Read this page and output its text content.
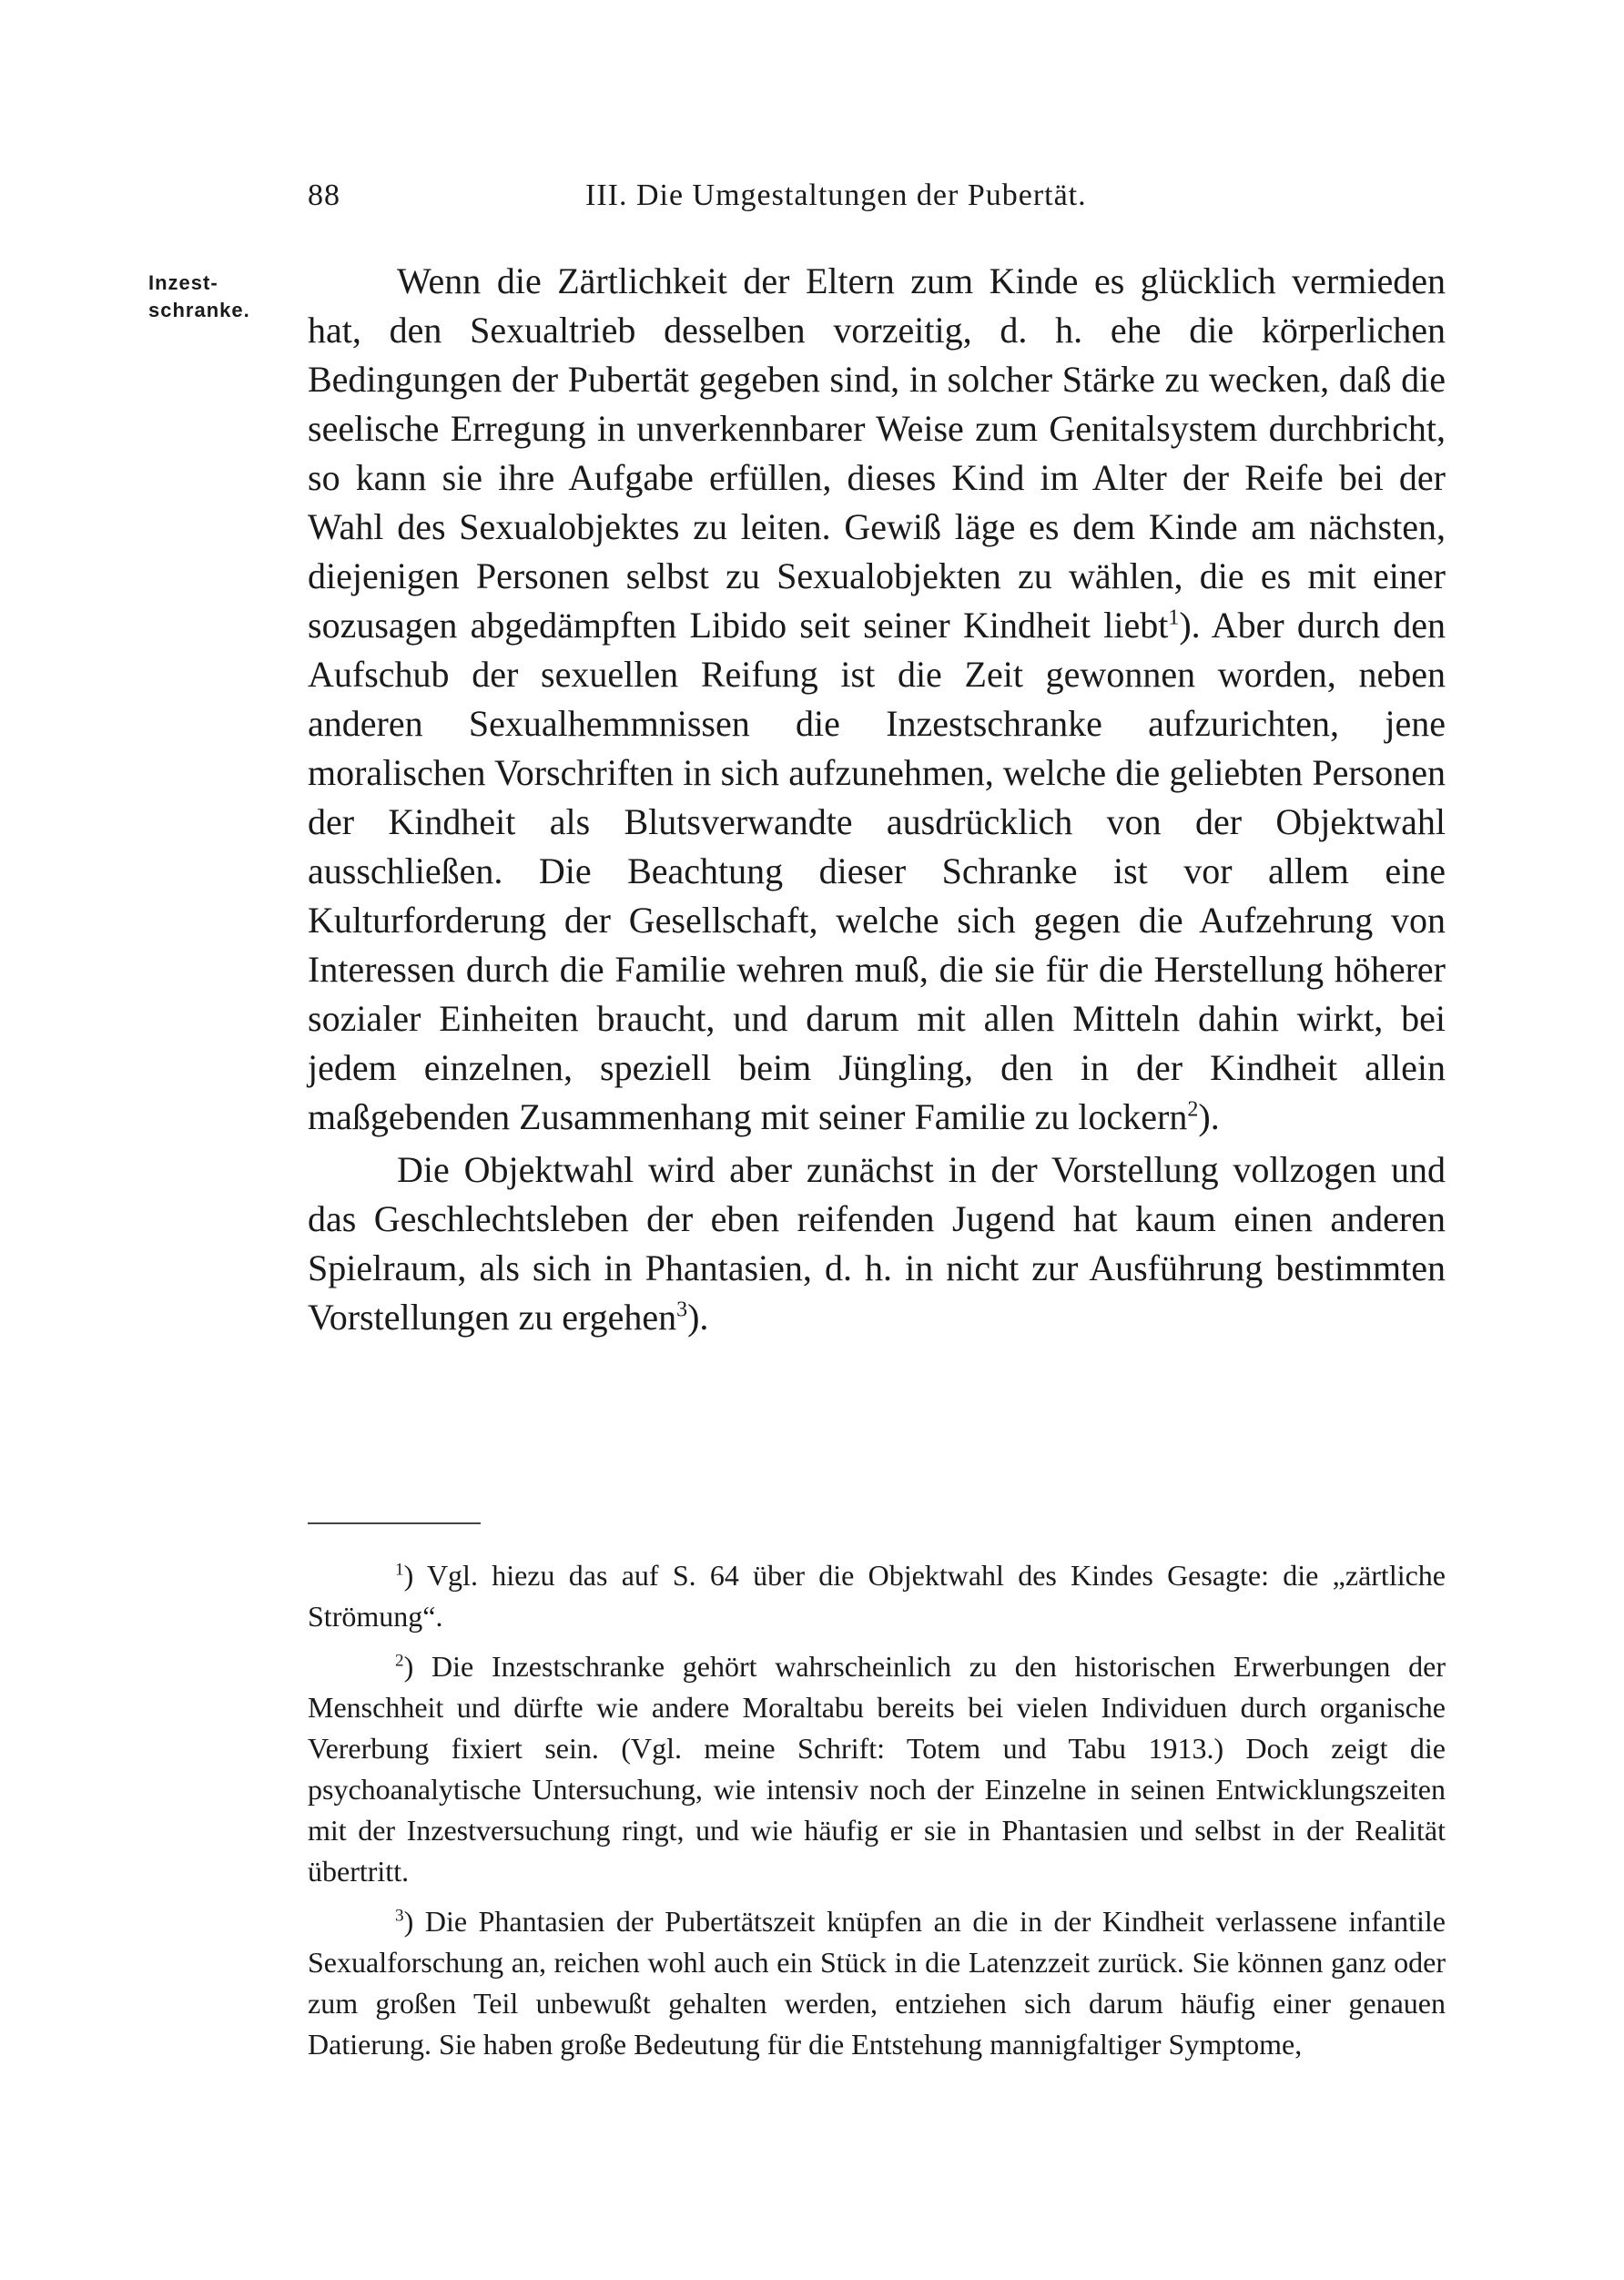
88	III. Die Umgestaltungen der Pubertät.
Inzest-
schranke.

Wenn die Zärtlichkeit der Eltern zum Kinde es glücklich vermieden hat, den Sexualtrieb desselben vorzeitig, d. h. ehe die körperlichen Bedingungen der Pubertät gegeben sind, in solcher Stärke zu wecken, daß die seelische Erregung in unverkennbarer Weise zum Genitalsystem durchbricht, so kann sie ihre Aufgabe erfüllen, dieses Kind im Alter der Reife bei der Wahl des Sexualobjektes zu leiten. Gewiß läge es dem Kinde am nächsten, diejenigen Personen selbst zu Sexualobjekten zu wählen, die es mit einer sozusagen abgedämpften Libido seit seiner Kindheit liebt$^1$). Aber durch den Aufschub der sexuellen Reifung ist die Zeit gewonnen worden, neben anderen Sexualhemmnissen die Inzestschranke aufzurichten, jene moralischen Vorschriften in sich aufzunehmen, welche die geliebten Personen der Kindheit als Blutsverwandte ausdrücklich von der Objektwahl ausschließen. Die Beachtung dieser Schranke ist vor allem eine Kulturforderung der Gesellschaft, welche sich gegen die Aufzehrung von Interessen durch die Familie wehren muß, die sie für die Herstellung höherer sozialer Einheiten braucht, und darum mit allen Mitteln dahin wirkt, bei jedem einzelnen, speziell beim Jüngling, den in der Kindheit allein maßgebenden Zusammenhang mit seiner Familie zu lockern$^2$).

Die Objektwahl wird aber zunächst in der Vorstellung vollzogen und das Geschlechtsleben der eben reifenden Jugend hat kaum einen anderen Spielraum, als sich in Phantasien, d. h. in nicht zur Ausführung bestimmten Vorstellungen zu ergehen$^3$).

$^1$) Vgl. hiezu das auf S. 64 über die Objektwahl des Kindes Gesagte: die „zärtliche Strömung“.

$^2$) Die Inzestschranke gehört wahrscheinlich zu den historischen Erwerbungen der Menschheit und dürfte wie andere Moraltabu bereits bei vielen Individuen durch organische Vererbung fixiert sein. (Vgl. meine Schrift: Totem und Tabu 1913.) Doch zeigt die psychoanalytische Untersuchung, wie intensiv noch der Einzelne in seinen Entwicklungszeiten mit der Inzestversuchung ringt, und wie häufig er sie in Phantasien und selbst in der Realität übertritt.

$^3$) Die Phantasien der Pubertätszeit knüpfen an die in der Kindheit verlassene infantile Sexualforschung an, reichen wohl auch ein Stück in die Latenzzeit zurück. Sie können ganz oder zum großen Teil unbewußt gehalten werden, entziehen sich darum häufig einer genauen Datierung. Sie haben große Bedeutung für die Entstehung mannigfaltiger Symptome,
